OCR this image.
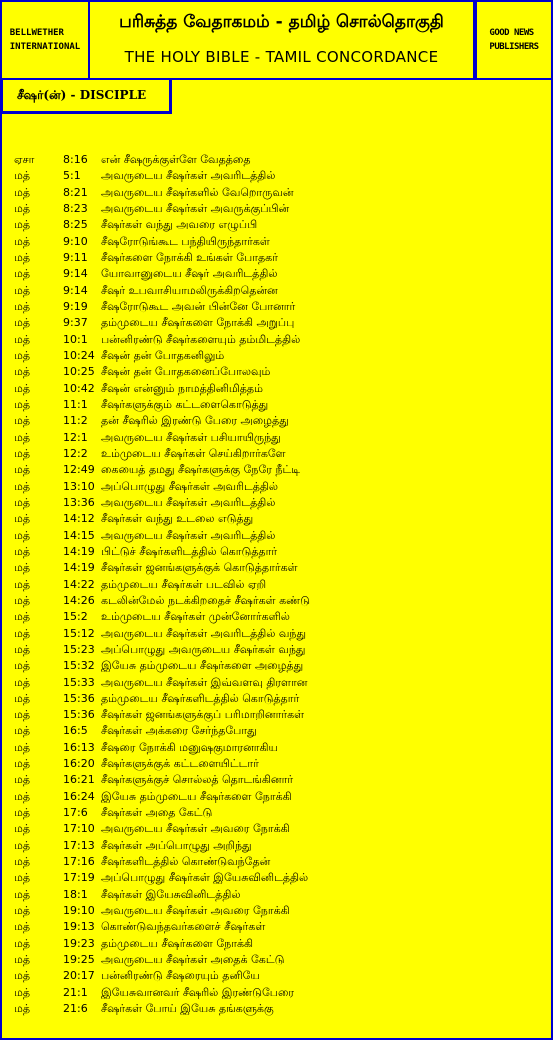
BELLWETHER
INTERNATIONAL
பரிசுத்த வேதாகமம் - தமிழ் சொல்தொகுதி
THE HOLY BIBLE - TAMIL CONCORDANCE
GOOD NEWS
PUBLISHERS
சீஷர்(ன்) - DISCIPLE
ஏசா	8:16 என் சீஷருக்குள்ளே வேதத்தை
மத்	5:1 அவருடைய சீஷர்கள் அவரிடத்தில்
மத்	8:21 அவருடைய சீஷர்களில் வேறொருவன்
மத்	8:23 அவருடைய சீஷர்கள் அவருக்குப்பின்
மத்	8:25 சீஷர்கள் வந்து அவரை எழுப்பி
மத்	9:10 சீஷரோடுங்கூட பந்தியிருந்தார்கள்
மத்	9:11 சீஷர்களை நோக்கி உங்கள் போதகர்
மத்	9:14 யோவானுடைய சீஷர் அவரிடத்தில்
மத்	9:14 சீஷர் உபவாசியாமலிருக்கிறதென்ன
மத்	9:19 சீஷரோடுகூட அவன் பின்னே போனார்
மத்	9:37 தம்முடைய சீஷர்களை நோக்கி அறுப்பு
மத்	10:1 பன்னிரண்டு சீஷர்களையும் தம்மிடத்தில்
மத்	10:24 சீஷன் தன் போதகனிலும்
மத்	10:25 சீஷன் தன் போதகனைப்போலவும்
மத்	10:42 சீஷன் என்னும் நாமத்தினிமித்தம்
மத்	11:1 சீஷர்களுக்கும் கட்டளைகொடுத்து
மத்	11:2 தன் சீஷரில் இரண்டு பேரை அழைத்து
மத்	12:1 அவருடைய சீஷர்கள் பசியாயிருந்து
மத்	12:2 உம்முடைய சீஷர்கள் செய்கிறார்களே
மத்	12:49 கையைத் தமது சீஷர்களுக்கு நேரே நீட்டி
மத்	13:10 அப்பொழுது சீஷர்கள் அவரிடத்தில்
மத்	13:36 அவருடைய சீஷர்கள் அவரிடத்தில்
மத்	14:12 சீஷர்கள் வந்து உடலை எடுத்து
மத்	14:15 அவருடைய சீஷர்கள் அவரிடத்தில்
மத்	14:19 பிட்டுச் சீஷர்களிடத்தில் கொடுத்தார்
மத்	14:19 சீஷர்கள் ஜனங்களுக்குக் கொடுத்தார்கள்
மத்	14:22 தம்முடைய சீஷர்கள் படவில் ஏறி
மத்	14:26 கடலின்மேல் நடக்கிறதைச் சீஷர்கள் கண்டு
மத்	15:2 உம்முடைய சீஷர்கள் முன்னோர்களில்
மத்	15:12 அவருடைய சீஷர்கள் அவரிடத்தில் வந்து
மத்	15:23 அப்பொழுது அவருடைய சீஷர்கள் வந்து
மத்	15:32 இயேசு தம்முடைய சீஷர்களை அழைத்து
மத்	15:33 அவருடைய சீஷர்கள் இவ்வளவு திரளான
மத்	15:36 தம்முடைய சீஷர்களிடத்தில் கொடுத்தார்
மத்	15:36 சீஷர்கள் ஜனங்களுக்குப் பரிமாறினார்கள்
மத்	16:5 சீஷர்கள் அக்கரை சேர்ந்தபோது
மத்	16:13 சீஷரை நோக்கி மனுஷகுமாரனாகிய
மத்	16:20 சீஷர்களுக்குக் கட்டளையிட்டார்
மத்	16:21 சீஷர்களுக்குச் சொல்லத் தொடங்கினார்
மத்	16:24 இயேசு தம்முடைய சீஷர்களை நோக்கி
மத்	17:6 சீஷர்கள் அதை கேட்டு
மத்	17:10 அவருடைய சீஷர்கள் அவரை நோக்கி
மத்	17:13 சீஷர்கள் அப்பொழுது அறிந்து
மத்	17:16 சீஷர்களிடத்தில் கொண்டுவந்தேன்
மத்	17:19 அப்பொழுது சீஷர்கள் இயேசுவினிடத்தில்
மத்	18:1 சீஷர்கள் இயேசுவினிடத்தில்
மத்	19:10 அவருடைய சீஷர்கள் அவரை நோக்கி
மத்	19:13 கொண்டுவந்தவர்களைச் சீஷர்கள்
மத்	19:23 தம்முடைய சீஷர்களை நோக்கி
மத்	19:25 அவருடைய சீஷர்கள் அதைக் கேட்டு
மத்	20:17 பன்னிரண்டு சீஷரையும் தனியே
மத்	21:1 இயேசுவானவர் சீஷரில் இரண்டுபேரை
மத்	21:6 சீஷர்கள் போய் இயேசு தங்களுக்கு
